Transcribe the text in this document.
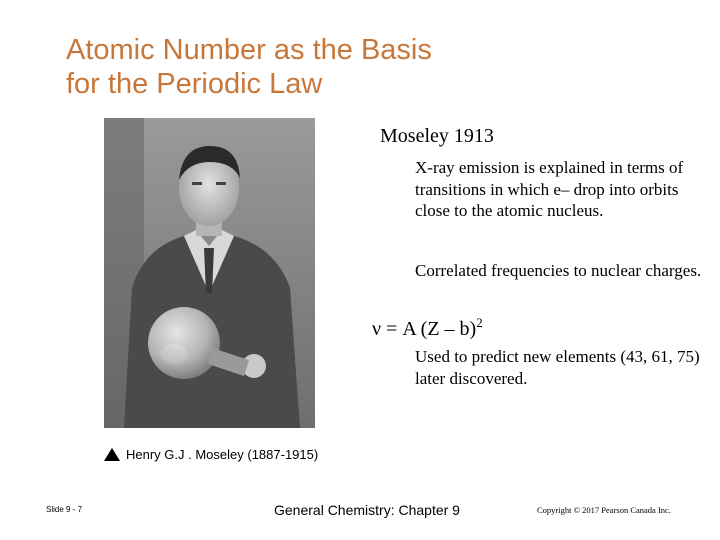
Atomic Number as the Basis
for the Periodic Law
Henry G.J . Moseley (1887-1915)
Moseley 1913
X-ray emission is explained in terms of transitions in which e– drop into orbits close to the atomic nucleus.
Correlated frequencies to nuclear charges.
ν = A (Z – b)$^2$
Used to predict new elements (43, 61, 75) later discovered.
Slide 9 - 7	General Chemistry: Chapter 9	Copyright © 2017 Pearson Canada Inc.
